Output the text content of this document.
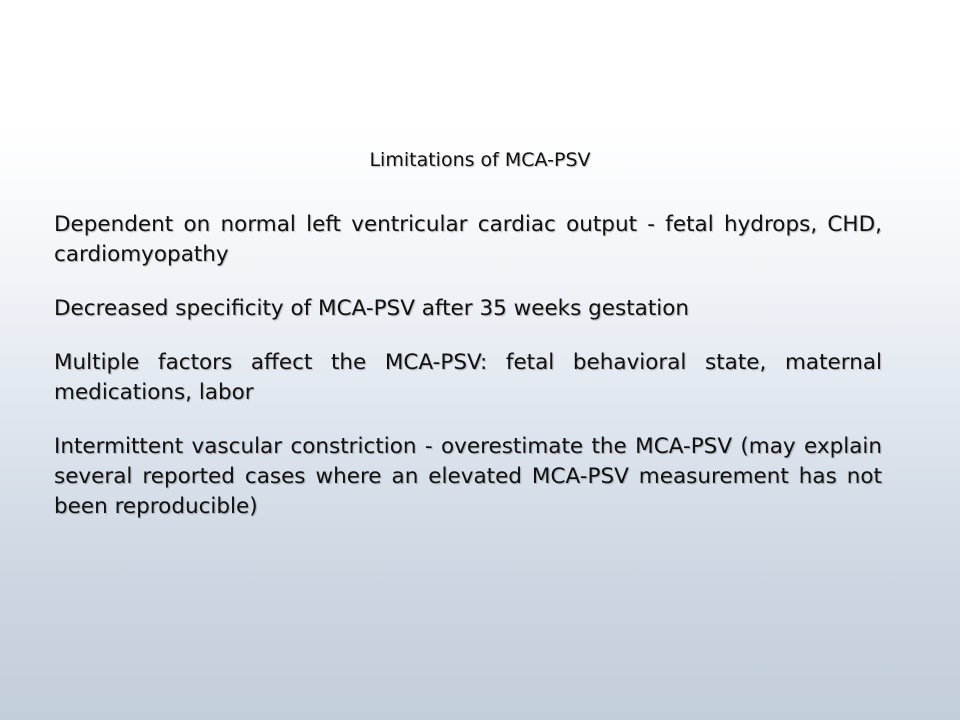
Limitations of MCA-PSV
Dependent on normal left ventricular cardiac output - fetal hydrops, CHD, cardiomyopathy
Decreased specificity of MCA-PSV after 35 weeks gestation
Multiple factors affect the MCA-PSV: fetal behavioral state, maternal medications, labor
Intermittent vascular constriction - overestimate the MCA-PSV (may explain several reported cases where an elevated MCA-PSV measurement has not been reproducible)
